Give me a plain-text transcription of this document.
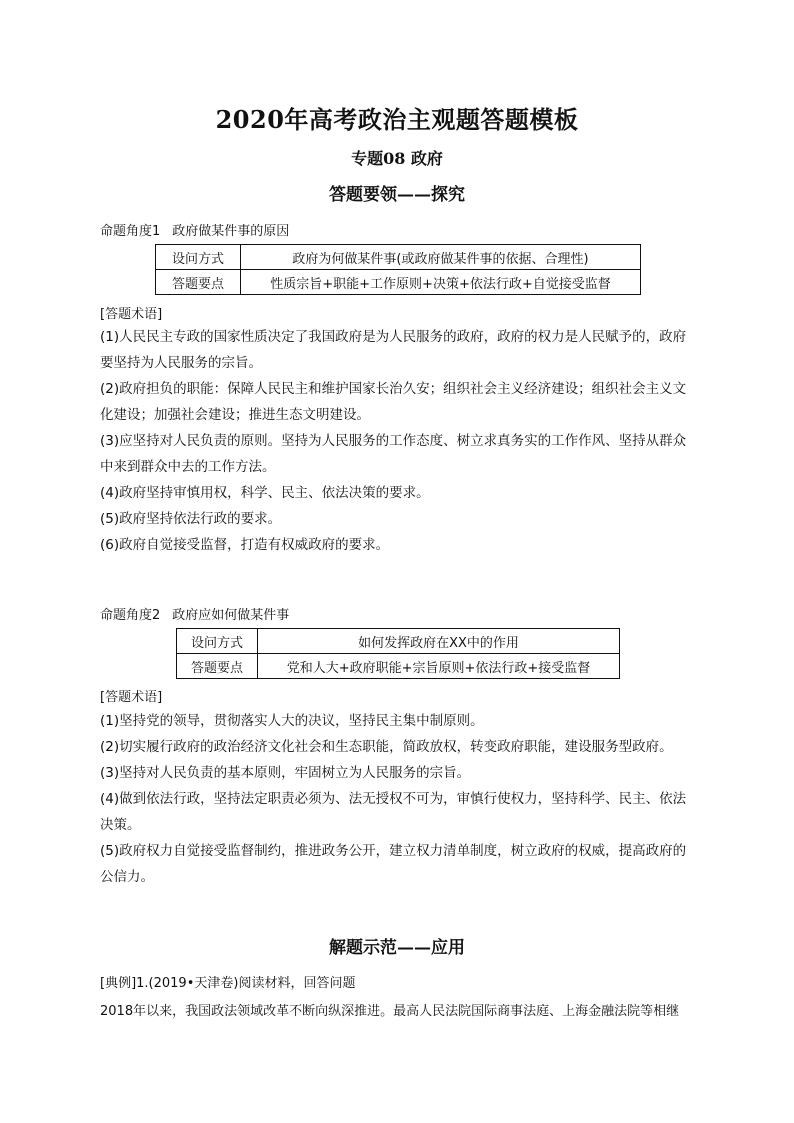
2020年高考政治主观题答题模板
专题08 政府
答题要领——探究
命题角度1 政府做某件事的原因
设问方式	政府为何做某件事(或政府做某件事的依据、合理性)
答题要点	性质宗旨+职能+工作原则+决策+依法行政+自觉接受监督
[答题术语]

(1)人民民主专政的国家性质决定了我国政府是为人民服务的政府，政府的权力是人民赋予的，政府要坚持为人民服务的宗旨。

(2)政府担负的职能：保障人民民主和维护国家长治久安；组织社会主义经济建设；组织社会主义文化建设；加强社会建设；推进生态文明建设。

(3)应坚持对人民负责的原则。坚持为人民服务的工作态度、树立求真务实的工作作风、坚持从群众中来到群众中去的工作方法。

(4)政府坚持审慎用权，科学、民主、依法决策的要求。

(5)政府坚持依法行政的要求。

(6)政府自觉接受监督，打造有权威政府的要求。

命题角度2 政府应如何做某件事
设问方式	如何发挥政府在XX中的作用
答题要点	党和人大+政府职能+宗旨原则+依法行政+接受监督
[答题术语]

(1)坚持党的领导，贯彻落实人大的决议，坚持民主集中制原则。

(2)切实履行政府的政治经济文化社会和生态职能，简政放权，转变政府职能，建设服务型政府。

(3)坚持对人民负责的基本原则，牢固树立为人民服务的宗旨。

(4)做到依法行政，坚持法定职责必须为、法无授权不可为，审慎行使权力，坚持科学、民主、依法决策。

(5)政府权力自觉接受监督制约，推进政务公开，建立权力清单制度，树立政府的权威，提高政府的公信力。

解题示范——应用
[典例]1.(2019•天津卷)阅读材料，回答问题
2018年以来，我国政法领域改革不断向纵深推进。最高人民法院国际商事法庭、上海金融法院等相继
